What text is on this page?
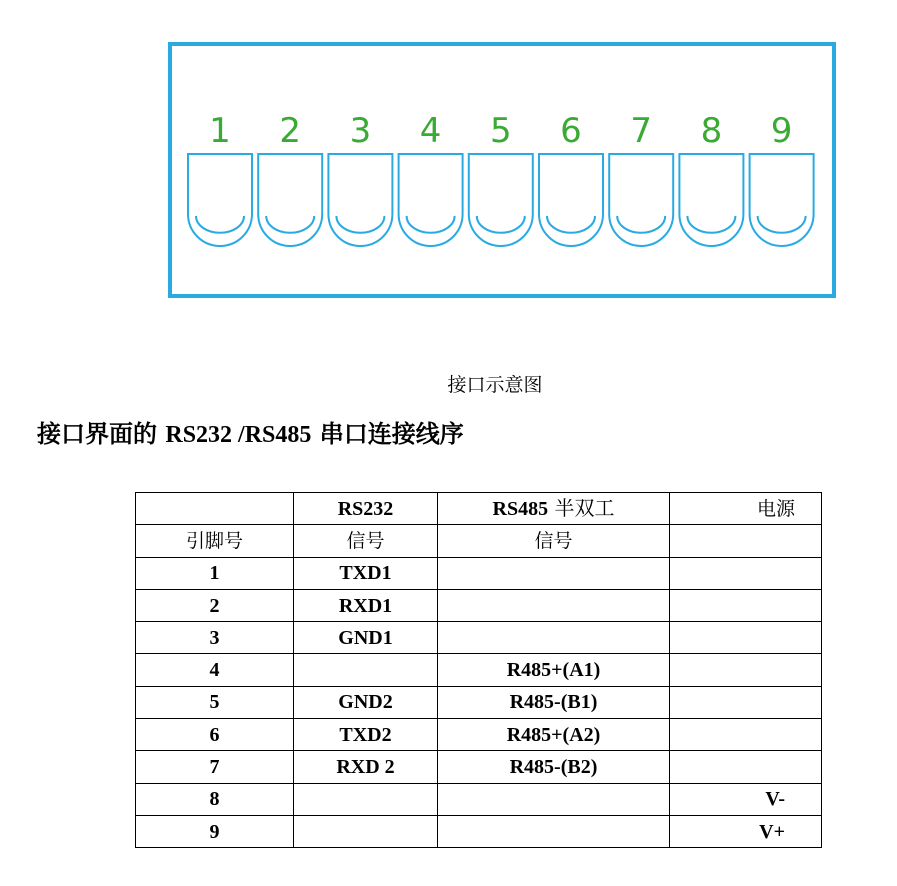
1 2 3 4 5 6 7 8 9
接口示意图
接口界面的 RS232 /RS485 串口连接线序
	RS232	RS485 半双工	电源
引脚号	信号	信号	
1	TXD1		
2	RXD1		
3	GND1		
4		R485+(A1)	
5	GND2	R485-(B1)	
6	TXD2	R485+(A2)	
7	RXD 2	R485-(B2)	
8			V-
9			V+
